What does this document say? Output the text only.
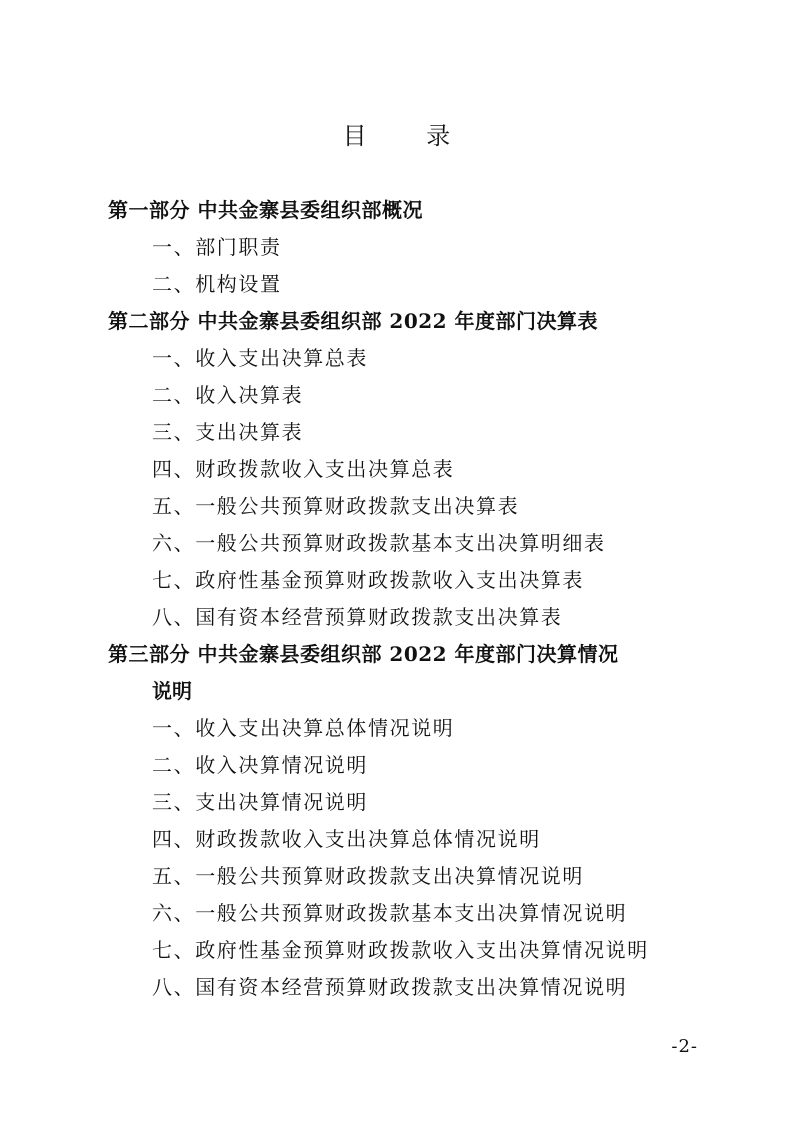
目 录
第一部分 中共金寨县委组织部概况
一、部门职责
二、机构设置
第二部分 中共金寨县委组织部 2022 年度部门决算表
一、收入支出决算总表
二、收入决算表
三、支出决算表
四、财政拨款收入支出决算总表
五、一般公共预算财政拨款支出决算表
六、一般公共预算财政拨款基本支出决算明细表
七、政府性基金预算财政拨款收入支出决算表
八、国有资本经营预算财政拨款支出决算表
第三部分 中共金寨县委组织部 2022 年度部门决算情况
说明
一、收入支出决算总体情况说明
二、收入决算情况说明
三、支出决算情况说明
四、财政拨款收入支出决算总体情况说明
五、一般公共预算财政拨款支出决算情况说明
六、一般公共预算财政拨款基本支出决算情况说明
七、政府性基金预算财政拨款收入支出决算情况说明
八、国有资本经营预算财政拨款支出决算情况说明
-2-
